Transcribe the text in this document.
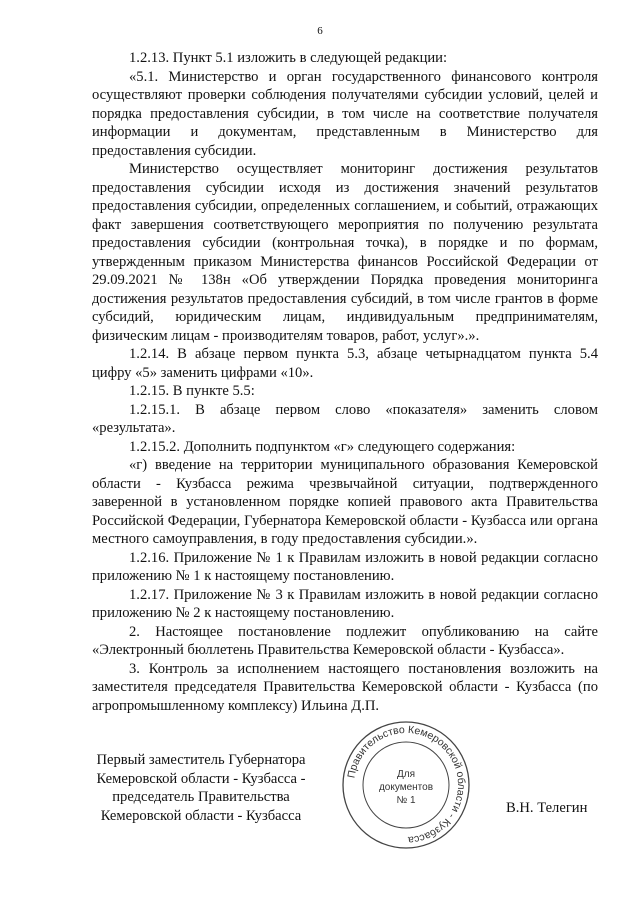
6

1.2.13. Пункт 5.1 изложить в следующей редакции:

«5.1. Министерство и орган государственного финансового контроля осуществляют проверки соблюдения получателями субсидии условий, целей и порядка предоставления субсидии, в том числе на соответствие получателя информации и документам, представленным в Министерство для предоставления субсидии.

Министерство осуществляет мониторинг достижения результатов предоставления субсидии исходя из достижения значений результатов предоставления субсидии, определенных соглашением, и событий, отражающих факт завершения соответствующего мероприятия по получению результата предоставления субсидии (контрольная точка), в порядке и по формам, утвержденным приказом Министерства финансов Российской Федерации от 29.09.2021 № 138н «Об утверждении Порядка проведения мониторинга достижения результатов предоставления субсидий, в том числе грантов в форме субсидий, юридическим лицам, индивидуальным предпринимателям, физическим лицам - производителям товаров, работ, услуг».».

1.2.14. В абзаце первом пункта 5.3, абзаце четырнадцатом пункта 5.4 цифру «5» заменить цифрами «10».

1.2.15. В пункте 5.5:

1.2.15.1. В абзаце первом слово «показателя» заменить словом «результата».

1.2.15.2. Дополнить подпунктом «г» следующего содержания:

«г) введение на территории муниципального образования Кемеровской области - Кузбасса режима чрезвычайной ситуации, подтвержденного заверенной в установленном порядке копией правового акта Правительства Российской Федерации, Губернатора Кемеровской области - Кузбасса или органа местного самоуправления, в году предоставления субсидии.».

1.2.16. Приложение № 1 к Правилам изложить в новой редакции согласно приложению № 1 к настоящему постановлению.

1.2.17. Приложение № 3 к Правилам изложить в новой редакции согласно приложению № 2 к настоящему постановлению.

2. Настоящее постановление подлежит опубликованию на сайте «Электронный бюллетень Правительства Кемеровской области - Кузбасса».

3. Контроль за исполнением настоящего постановления возложить на заместителя председателя Правительства Кемеровской области - Кузбасса (по агропромышленному комплексу) Ильина Д.П.

Первый заместитель Губернатора
Кемеровской области - Кузбасса -
председатель Правительства
Кемеровской области - Кузбасса
Правительство Кемеровской области - Кузбасса
Для
документов
№ 1	В.Н. Телегин
